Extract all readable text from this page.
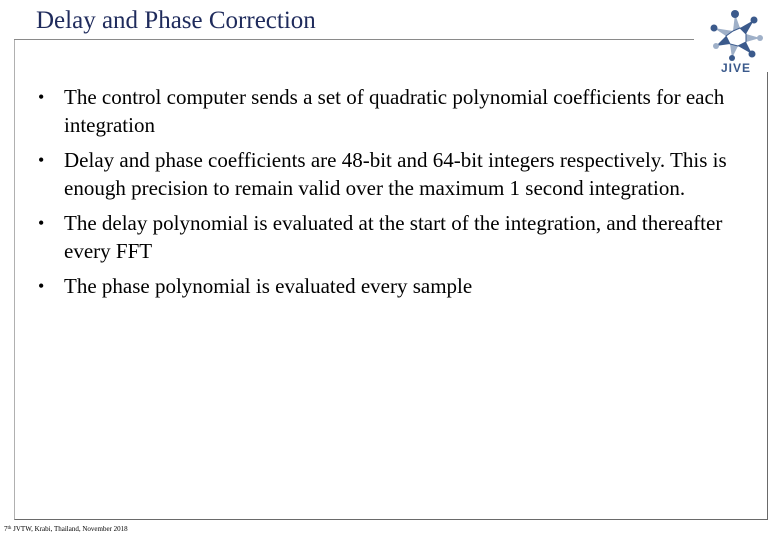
Delay and Phase Correction
JIVE
• The control computer sends a set of quadratic polynomial coefficients for each integration
• Delay and phase coefficients are 48-bit and 64-bit integers respectively. This is enough precision to remain valid over the maximum 1 second integration.
• The delay polynomial is evaluated at the start of the integration, and thereafter every FFT
• The phase polynomial is evaluated every sample
7th JVTW, Krabi, Thailand, November 2018
